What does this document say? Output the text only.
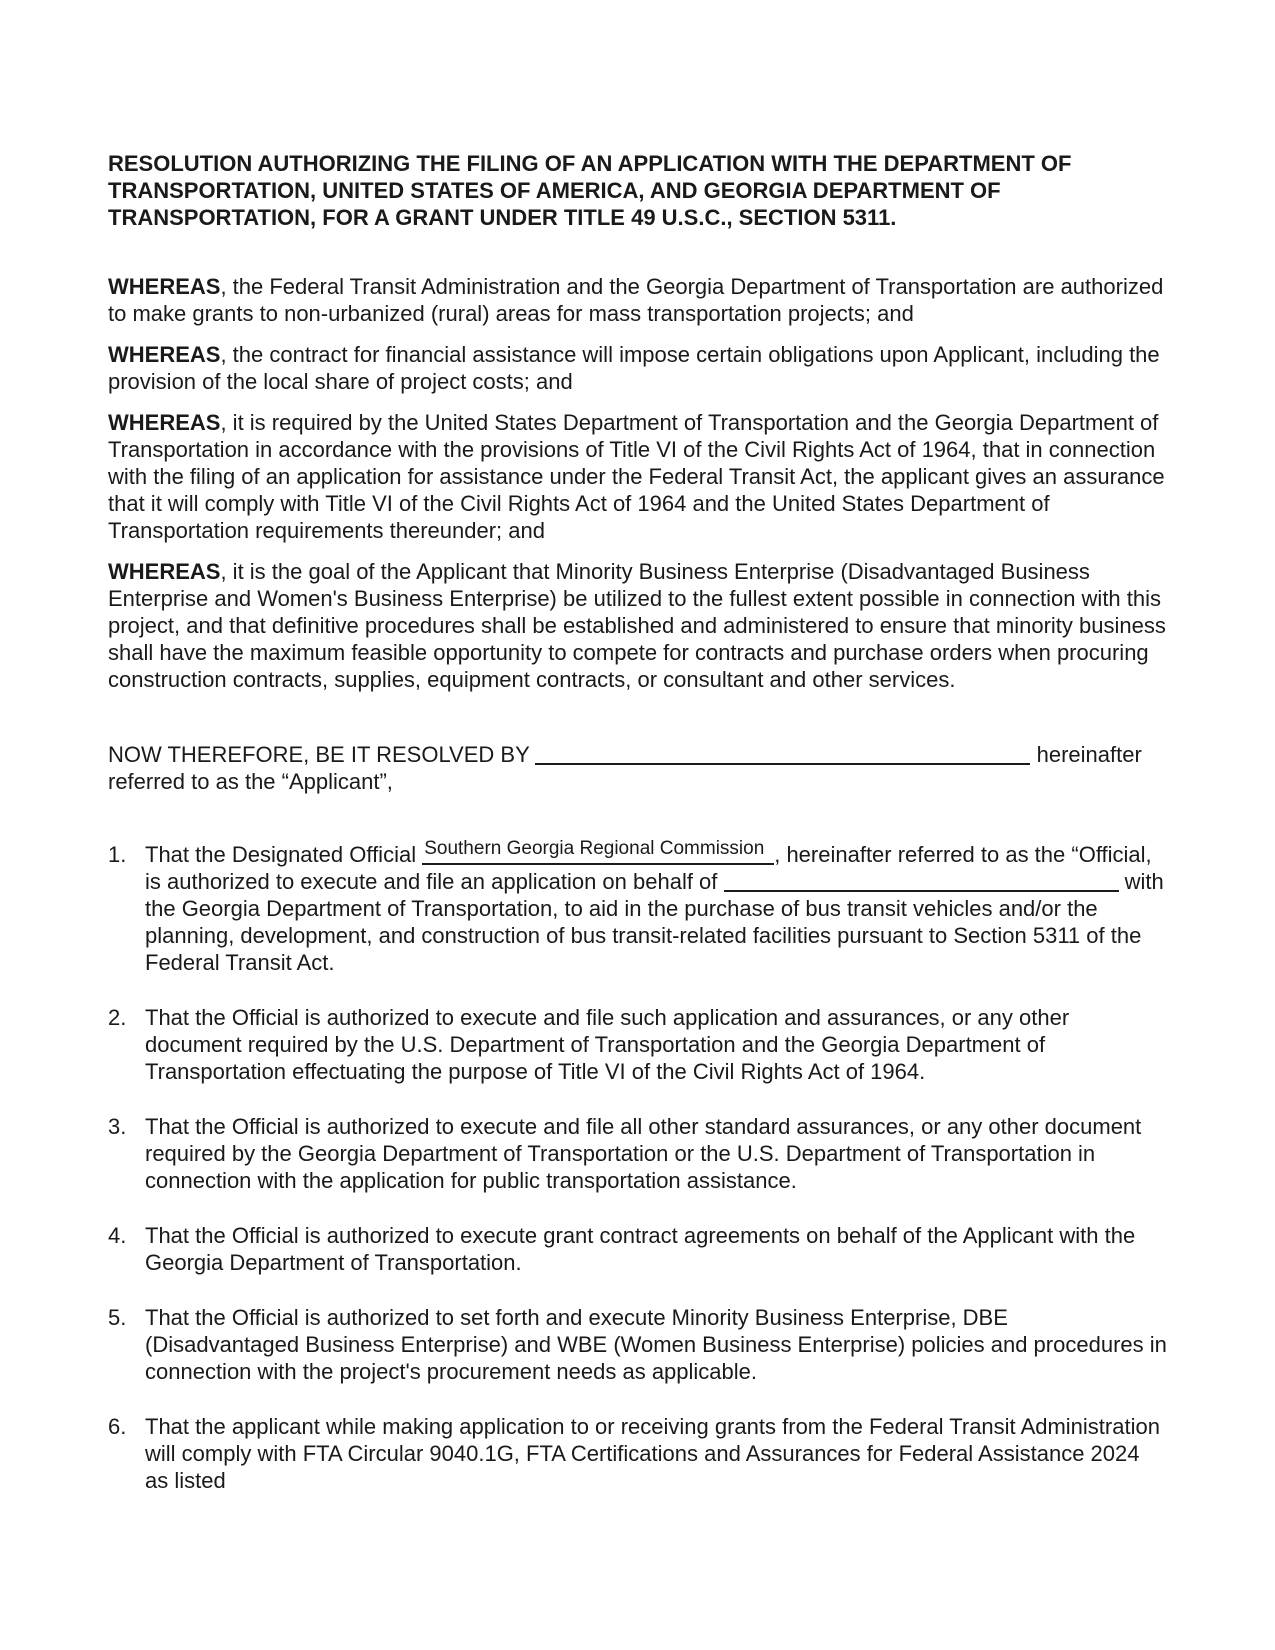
RESOLUTION AUTHORIZING THE FILING OF AN APPLICATION WITH THE DEPARTMENT OF
TRANSPORTATION, UNITED STATES OF AMERICA, AND GEORGIA DEPARTMENT OF
TRANSPORTATION, FOR A GRANT UNDER TITLE 49 U.S.C., SECTION 5311.

WHEREAS, the Federal Transit Administration and the Georgia Department of Transportation are authorized to make grants to non-urbanized (rural) areas for mass transportation projects; and

WHEREAS, the contract for financial assistance will impose certain obligations upon Applicant, including the provision of the local share of project costs; and

WHEREAS, it is required by the United States Department of Transportation and the Georgia Department of Transportation in accordance with the provisions of Title VI of the Civil Rights Act of 1964, that in connection with the filing of an application for assistance under the Federal Transit Act, the applicant gives an assurance that it will comply with Title VI of the Civil Rights Act of 1964 and the United States Department of Transportation requirements thereunder; and

WHEREAS, it is the goal of the Applicant that Minority Business Enterprise (Disadvantaged Business Enterprise and Women's Business Enterprise) be utilized to the fullest extent possible in connection with this project, and that definitive procedures shall be established and administered to ensure that minority business shall have the maximum feasible opportunity to compete for contracts and purchase orders when procuring construction contracts, supplies, equipment contracts, or consultant and other services.

NOW THEREFORE, BE IT RESOLVED BY	hereinafter referred to as the “Applicant”,

1. That the Designated Official Southern Georgia Regional Commission , hereinafter referred to as the “Official, is authorized to execute and file an application on behalf of	with the Georgia Department of Transportation, to aid in the purchase of bus transit vehicles and/or the planning, development, and construction of bus transit-related facilities pursuant to Section 5311 of the Federal Transit Act.
2. That the Official is authorized to execute and file such application and assurances, or any other document required by the U.S. Department of Transportation and the Georgia Department of Transportation effectuating the purpose of Title VI of the Civil Rights Act of 1964.
3. That the Official is authorized to execute and file all other standard assurances, or any other document required by the Georgia Department of Transportation or the U.S. Department of Transportation in connection with the application for public transportation assistance.
4. That the Official is authorized to execute grant contract agreements on behalf of the Applicant with the Georgia Department of Transportation.
5. That the Official is authorized to set forth and execute Minority Business Enterprise, DBE (Disadvantaged Business Enterprise) and WBE (Women Business Enterprise) policies and procedures in connection with the project's procurement needs as applicable.
6. That the applicant while making application to or receiving grants from the Federal Transit Administration will comply with FTA Circular 9040.1G, FTA Certifications and Assurances for Federal Assistance 2024 as listed
